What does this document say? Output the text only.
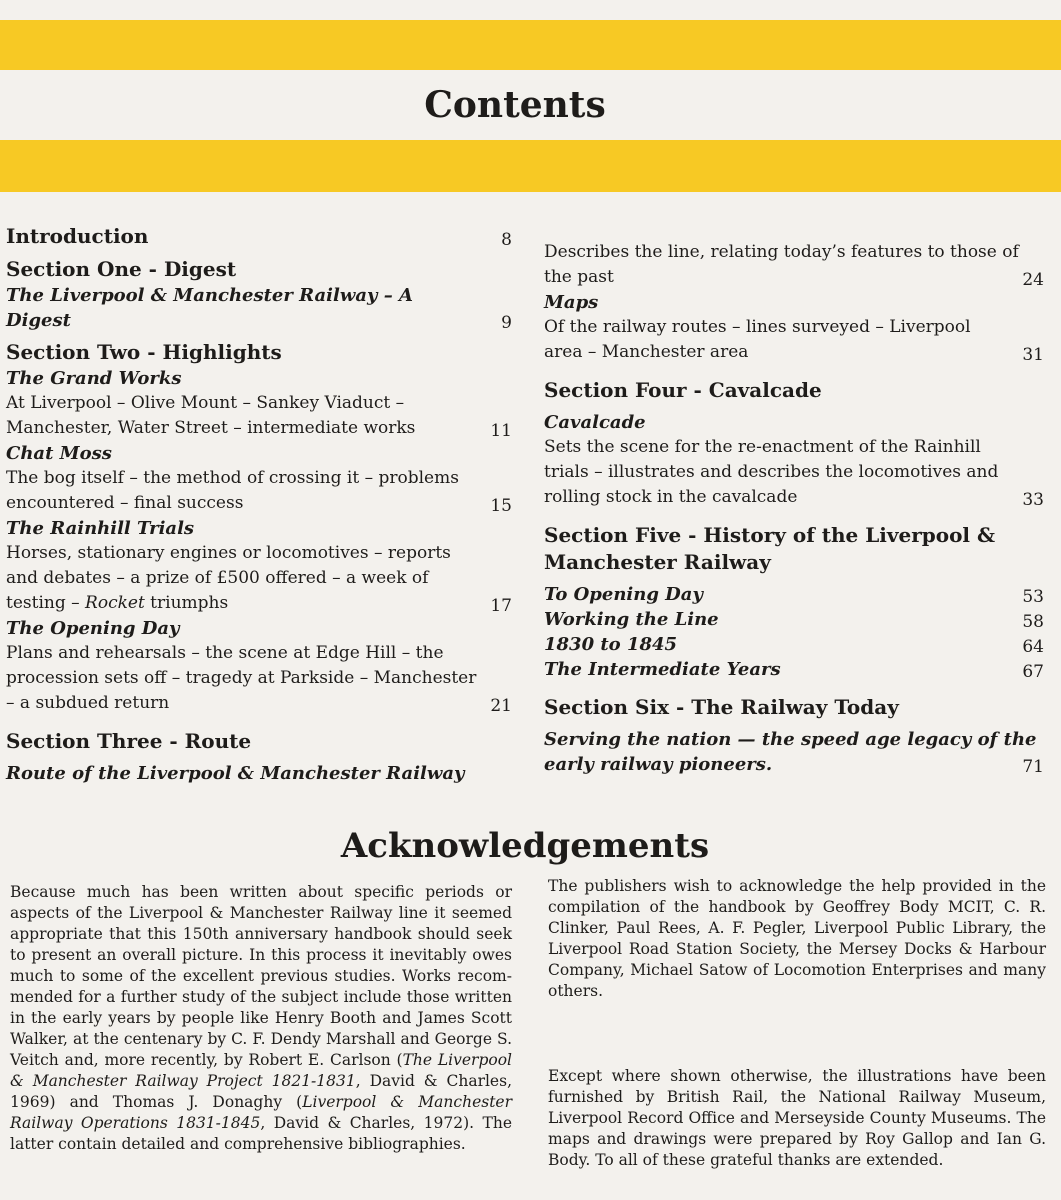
Contents
Introduction	8
Section One - Digest
The Liverpool & Manchester Railway – A Digest	9
Section Two - Highlights
The Grand Works
At Liverpool – Olive Mount – Sankey Viaduct –
Manchester, Water Street – intermediate works	11
Chat Moss
The bog itself – the method of crossing it – problems
encountered – final success	15
The Rainhill Trials
Horses, stationary engines or locomotives – reports
and debates – a prize of £500 offered – a week of
testing – Rocket triumphs	17
The Opening Day
Plans and rehearsals – the scene at Edge Hill – the
procession sets off – tragedy at Parkside – Manchester
– a subdued return	21
Section Three - Route
Route of the Liverpool & Manchester Railway
Describes the line, relating today’s features to those of
the past	24
Maps
Of the railway routes – lines surveyed – Liverpool
area – Manchester area	31
Section Four - Cavalcade
Cavalcade
Sets the scene for the re-enactment of the Rainhill
trials – illustrates and describes the locomotives and
rolling stock in the cavalcade	33
Section Five - History of the Liverpool &
Manchester Railway
To Opening Day	53
Working the Line	58
1830 to 1845	64
The Intermediate Years	67
Section Six - The Railway Today
Serving the nation — the speed age legacy of the
early railway pioneers.	71
Acknowledgements

Because much has been written about specific periods or aspects of the Liverpool & Manchester Railway line it seemed appropriate that this 150th anniversary handbook should seek to present an overall picture. In this process it inevitably owes much to some of the excellent previous studies. Works recom-mended for a further study of the subject include those written in the early years by people like Henry Booth and James Scott Walker, at the centenary by C. F. Dendy Marshall and George S. Veitch and, more recently, by Robert E. Carlson (The Liverpool & Manchester Railway Project 1821-1831, David & Charles, 1969) and Thomas J. Donaghy (Liverpool & Manchester Railway Operations 1831-1845, David & Charles, 1972). The latter contain detailed and comprehensive bibliographies.

The publishers wish to acknowledge the help provided in the compilation of the handbook by Geoffrey Body MCIT, C. R. Clinker, Paul Rees, A. F. Pegler, Liverpool Public Library, the Liverpool Road Station Society, the Mersey Docks & Harbour Company, Michael Satow of Locomotion Enterprises and many others.

Except where shown otherwise, the illustrations have been furnished by British Rail, the National Railway Museum, Liverpool Record Office and Merseyside County Museums. The maps and drawings were prepared by Roy Gallop and Ian G. Body. To all of these grateful thanks are extended.
